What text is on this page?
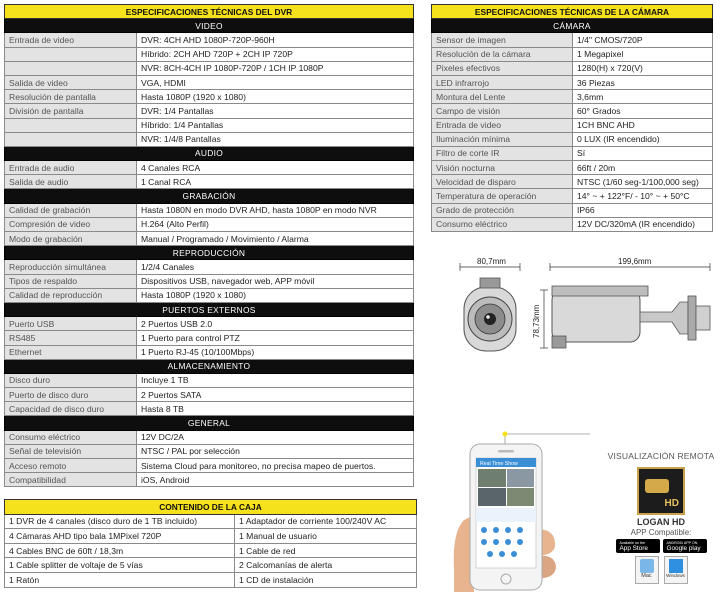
ESPECIFICACIONES TÉCNICAS DEL DVR	
VIDEO	
Entrada de video	DVR: 4CH AHD 1080P-720P-960H
	Híbrido: 2CH AHD 720P + 2CH IP 720P
	NVR: 8CH-4CH IP 1080P-720P / 1CH IP 1080P
Salida de video	VGA, HDMI
Resolución de pantalla	Hasta 1080P (1920 x 1080)
División de pantalla	DVR: 1/4 Pantallas
	Híbrido: 1/4 Pantallas
	NVR: 1/4/8 Pantallas
AUDIO	
Entrada de audio	4 Canales RCA
Salida de audio	1 Canal RCA
GRABACIÓN	
Calidad de grabación	Hasta 1080N en modo DVR AHD, hasta 1080P en modo NVR
Compresión de video	H.264 (Alto Perfil)
Modo de grabación	Manual / Programado / Movimiento / Alarma
REPRODUCCIÓN	
Reproducción simultánea	1/2/4 Canales
Tipos de respaldo	Dispositivos USB, navegador web, APP móvil
Calidad de reproducción	Hasta 1080P (1920 x 1080)
PUERTOS EXTERNOS	
Puerto USB	2 Puertos USB 2.0
RS485	1 Puerto para control PTZ
Ethernet	1 Puerto RJ-45 (10/100Mbps)
ALMACENAMIENTO	
Disco duro	Incluye 1 TB
Puerto de disco duro	2 Puertos SATA
Capacidad de disco duro	Hasta 8 TB
GENERAL	
Consumo eléctrico	12V DC/2A
Señal de televisión	NTSC / PAL por selección
Acceso remoto	Sistema Cloud para monitoreo, no precisa mapeo de puertos.
Compatibilidad	iOS, Android
ESPECIFICACIONES TÉCNICAS DE LA CÁMARA	
CÁMARA	
Sensor de imagen	1/4" CMOS/720P
Resolución de la cámara	1 Megapixel
Pixeles efectivos	1280(H) x 720(V)
LED infrarrojo	36 Piezas
Montura del Lente	3,6mm
Campo de visión	60° Grados
Entrada de video	1CH BNC AHD
Iluminación mínima	0 LUX (IR encendido)
Filtro de corte IR	Sí
Visión nocturna	66ft / 20m
Velocidad de disparo	NTSC (1/60 seg-1/100,000 seg)
Temperatura de operación	14° ~ + 122°F/ - 10° ~ + 50°C
Grado de protección	IP66
Consumo eléctrico	12V DC/320mA (IR encendido)
80,7mm	199,6mm
78,73mm
Real Time Show
VISUALIZACIÓN REMOTA
HD
LOGAN HD
APP Compatible:
Available on the
App Store
ANDROID APP ON
Google play
Mac	Windows
CONTENIDO DE LA CAJA	
1 DVR de 4 canales (disco duro de 1 TB incluido)	1 Adaptador de corriente 100/240V AC
4 Cámaras AHD tipo bala 1MPixel 720P	1 Manual de usuario
4 Cables BNC de 60ft / 18,3m	1 Cable de red
1 Cable splitter de voltaje de 5 vías	2 Calcomanías de alerta
1 Ratón	1 CD de instalación
